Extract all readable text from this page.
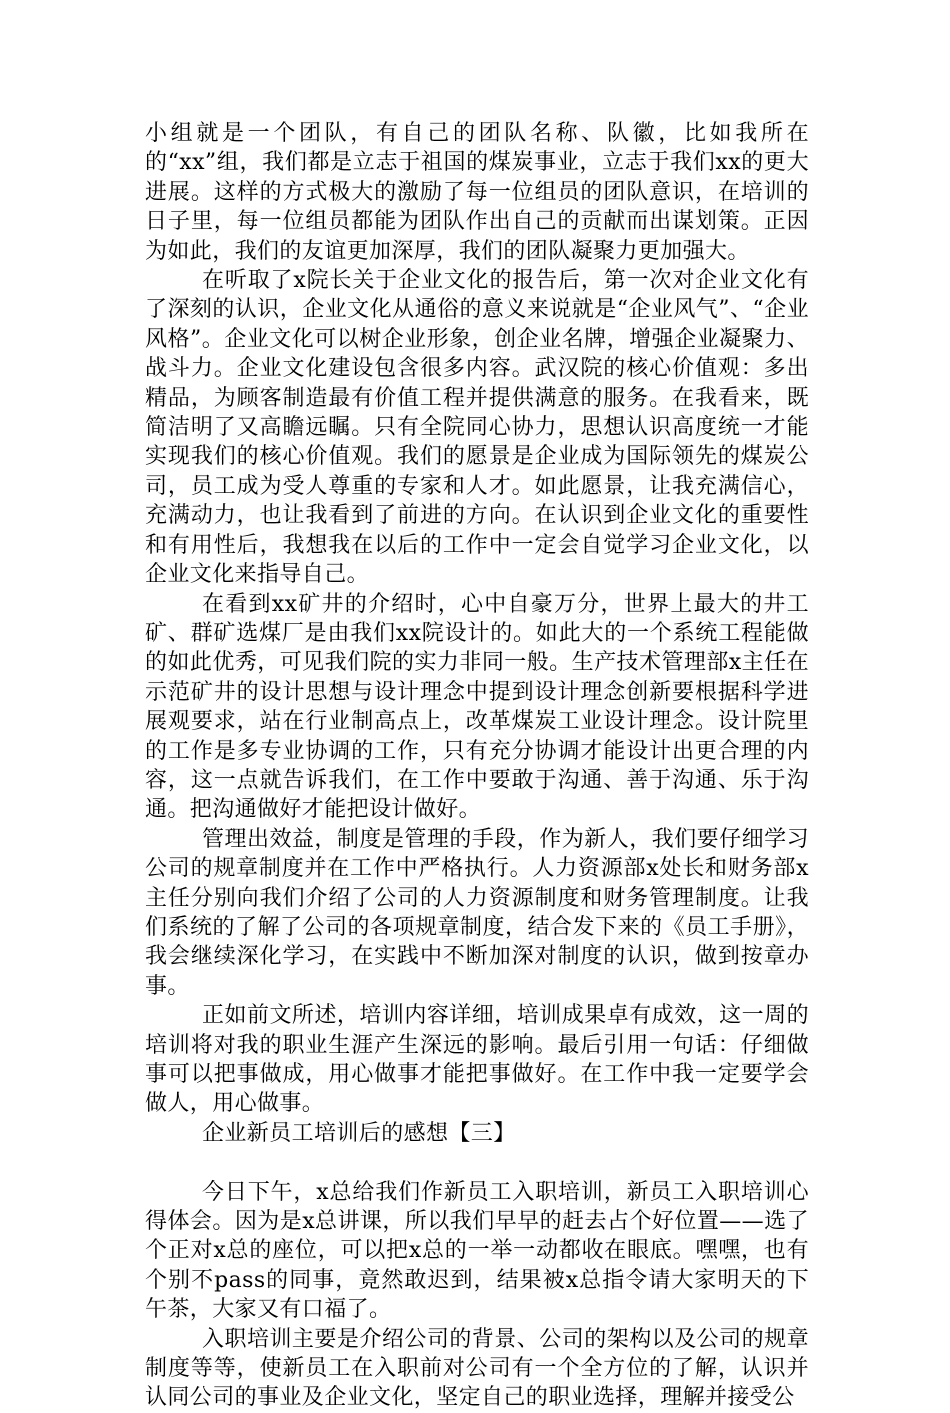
小组就是一个团队，有自己的团队名称、队徽，比如我所在的“xx”组，我们都是立志于祖国的煤炭事业，立志于我们xx的更大进展。这样的方式极大的激励了每一位组员的团队意识，在培训的日子里，每一位组员都能为团队作出自己的贡献而出谋划策。正因为如此，我们的友谊更加深厚，我们的团队凝聚力更加强大。

在听取了x院长关于企业文化的报告后，第一次对企业文化有了深刻的认识，企业文化从通俗的意义来说就是“企业风气”、“企业风格”。企业文化可以树企业形象，创企业名牌，增强企业凝聚力、战斗力。企业文化建设包含很多内容。武汉院的核心价值观：多出精品，为顾客制造最有价值工程并提供满意的服务。在我看来，既简洁明了又高瞻远瞩。只有全院同心协力，思想认识高度统一才能实现我们的核心价值观。我们的愿景是企业成为国际领先的煤炭公司，员工成为受人尊重的专家和人才。如此愿景，让我充满信心，充满动力，也让我看到了前进的方向。在认识到企业文化的重要性和有用性后，我想我在以后的工作中一定会自觉学习企业文化，以企业文化来指导自己。

在看到xx矿井的介绍时，心中自豪万分，世界上最大的井工矿、群矿选煤厂是由我们xx院设计的。如此大的一个系统工程能做的如此优秀，可见我们院的实力非同一般。生产技术管理部x主任在示范矿井的设计思想与设计理念中提到设计理念创新要根据科学进展观要求，站在行业制高点上，改革煤炭工业设计理念。设计院里的工作是多专业协调的工作，只有充分协调才能设计出更合理的内容，这一点就告诉我们，在工作中要敢于沟通、善于沟通、乐于沟通。把沟通做好才能把设计做好。

管理出效益，制度是管理的手段，作为新人，我们要仔细学习公司的规章制度并在工作中严格执行。人力资源部x处长和财务部x主任分别向我们介绍了公司的人力资源制度和财务管理制度。让我们系统的了解了公司的各项规章制度，结合发下来的《员工手册》，我会继续深化学习，在实践中不断加深对制度的认识，做到按章办事。

正如前文所述，培训内容详细，培训成果卓有成效，这一周的培训将对我的职业生涯产生深远的影响。最后引用一句话：仔细做事可以把事做成，用心做事才能把事做好。在工作中我一定要学会做人，用心做事。

企业新员工培训后的感想【三】

今日下午，x总给我们作新员工入职培训，新员工入职培训心得体会。因为是x总讲课，所以我们早早的赶去占个好位置——选了个正对x总的座位，可以把x总的一举一动都收在眼底。嘿嘿，也有个别不pass的同事，竟然敢迟到，结果被x总指令请大家明天的下午茶，大家又有口福了。

入职培训主要是介绍公司的背景、公司的架构以及公司的规章制度等等，使新员工在入职前对公司有一个全方位的了解，认识并认同公司的事业及企业文化，坚定自己的职业选择，理解并接受公
